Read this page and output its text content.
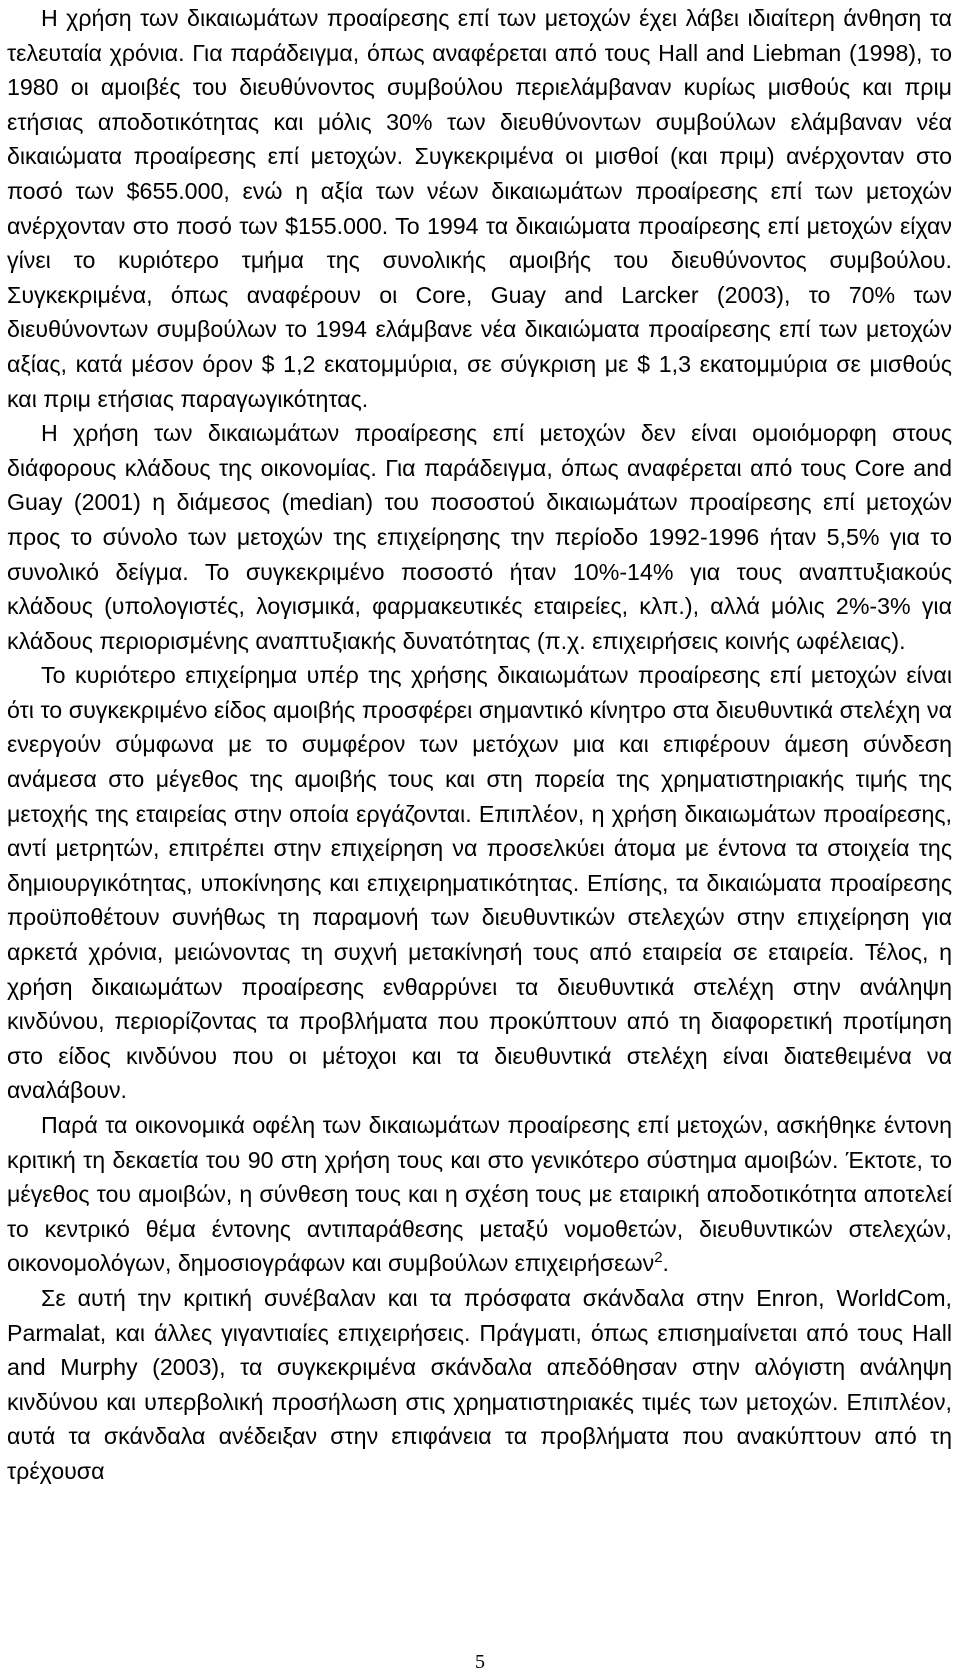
Η χρήση των δικαιωμάτων προαίρεσης επί των μετοχών έχει λάβει ιδιαίτερη άνθηση τα τελευταία χρόνια. Για παράδειγμα, όπως αναφέρεται από τους Hall and Liebman (1998), το 1980 οι αμοιβές του διευθύνοντος συμβούλου περιελάμβαναν κυρίως μισθούς και πριμ ετήσιας αποδοτικότητας και μόλις 30% των διευθύνοντων συμβούλων ελάμβαναν νέα δικαιώματα προαίρεσης επί μετοχών. Συγκεκριμένα οι μισθοί (και πριμ) ανέρχονταν στο ποσό των $655.000, ενώ η αξία των νέων δικαιωμάτων προαίρεσης επί των μετοχών ανέρχονταν στο ποσό των $155.000. Το 1994 τα δικαιώματα προαίρεσης επί μετοχών είχαν γίνει το κυριότερο τμήμα της συνολικής αμοιβής του διευθύνοντος συμβούλου. Συγκεκριμένα, όπως αναφέρουν οι Core, Guay and Larcker (2003), το 70% των διευθύνοντων συμβούλων το 1994 ελάμβανε νέα δικαιώματα προαίρεσης επί των μετοχών αξίας, κατά μέσον όρον $ 1,2 εκατομμύρια, σε σύγκριση με $ 1,3 εκατομμύρια σε μισθούς και πριμ ετήσιας παραγωγικότητας.

Η χρήση των δικαιωμάτων προαίρεσης επί μετοχών δεν είναι ομοιόμορφη στους διάφορους κλάδους της οικονομίας. Για παράδειγμα, όπως αναφέρεται από τους Core and Guay (2001) η διάμεσος (median) του ποσοστού δικαιωμάτων προαίρεσης επί μετοχών προς το σύνολο των μετοχών της επιχείρησης την περίοδο 1992-1996 ήταν 5,5% για το συνολικό δείγμα. Το συγκεκριμένο ποσοστό ήταν 10%-14% για τους αναπτυξιακούς κλάδους (υπολογιστές, λογισμικά, φαρμακευτικές εταιρείες, κλπ.), αλλά μόλις 2%-3% για κλάδους περιορισμένης αναπτυξιακής δυνατότητας (π.χ. επιχειρήσεις κοινής ωφέλειας).

Το κυριότερο επιχείρημα υπέρ της χρήσης δικαιωμάτων προαίρεσης επί μετοχών είναι ότι το συγκεκριμένο είδος αμοιβής προσφέρει σημαντικό κίνητρο στα διευθυντικά στελέχη να ενεργούν σύμφωνα με το συμφέρον των μετόχων μια και επιφέρουν άμεση σύνδεση ανάμεσα στο μέγεθος της αμοιβής τους και στη πορεία της χρηματιστηριακής τιμής της μετοχής της εταιρείας στην οποία εργάζονται. Επιπλέον, η χρήση δικαιωμάτων προαίρεσης, αντί μετρητών, επιτρέπει στην επιχείρηση να προσελκύει άτομα με έντονα τα στοιχεία της δημιουργικότητας, υποκίνησης και επιχειρηματικότητας. Επίσης, τα δικαιώματα προαίρεσης προϋποθέτουν συνήθως τη παραμονή των διευθυντικών στελεχών στην επιχείρηση για αρκετά χρόνια, μειώνοντας τη συχνή μετακίνησή τους από εταιρεία σε εταιρεία. Τέλος, η χρήση δικαιωμάτων προαίρεσης ενθαρρύνει τα διευθυντικά στελέχη στην ανάληψη κινδύνου, περιορίζοντας τα προβλήματα που προκύπτουν από τη διαφορετική προτίμηση στο είδος κινδύνου που οι μέτοχοι και τα διευθυντικά στελέχη είναι διατεθειμένα να αναλάβουν.

Παρά τα οικονομικά οφέλη των δικαιωμάτων προαίρεσης επί μετοχών, ασκήθηκε έντονη κριτική τη δεκαετία του 90 στη χρήση τους και στο γενικότερο σύστημα αμοιβών. Έκτοτε, το μέγεθος του αμοιβών, η σύνθεση τους και η σχέση τους με εταιρική αποδοτικότητα αποτελεί το κεντρικό θέμα έντονης αντιπαράθεσης μεταξύ νομοθετών, διευθυντικών στελεχών, οικονομολόγων, δημοσιογράφων και συμβούλων επιχειρήσεων$^2$.

Σε αυτή την κριτική συνέβαλαν και τα πρόσφατα σκάνδαλα στην Enron, WorldCom, Parmalat, και άλλες γιγαντιαίες επιχειρήσεις. Πράγματι, όπως επισημαίνεται από τους Hall and Murphy (2003), τα συγκεκριμένα σκάνδαλα απεδόθησαν στην αλόγιστη ανάληψη κινδύνου και υπερβολική προσήλωση στις χρηματιστηριακές τιμές των μετοχών. Επιπλέον, αυτά τα σκάνδαλα ανέδειξαν στην επιφάνεια τα προβλήματα που ανακύπτουν από τη τρέχουσα

5
